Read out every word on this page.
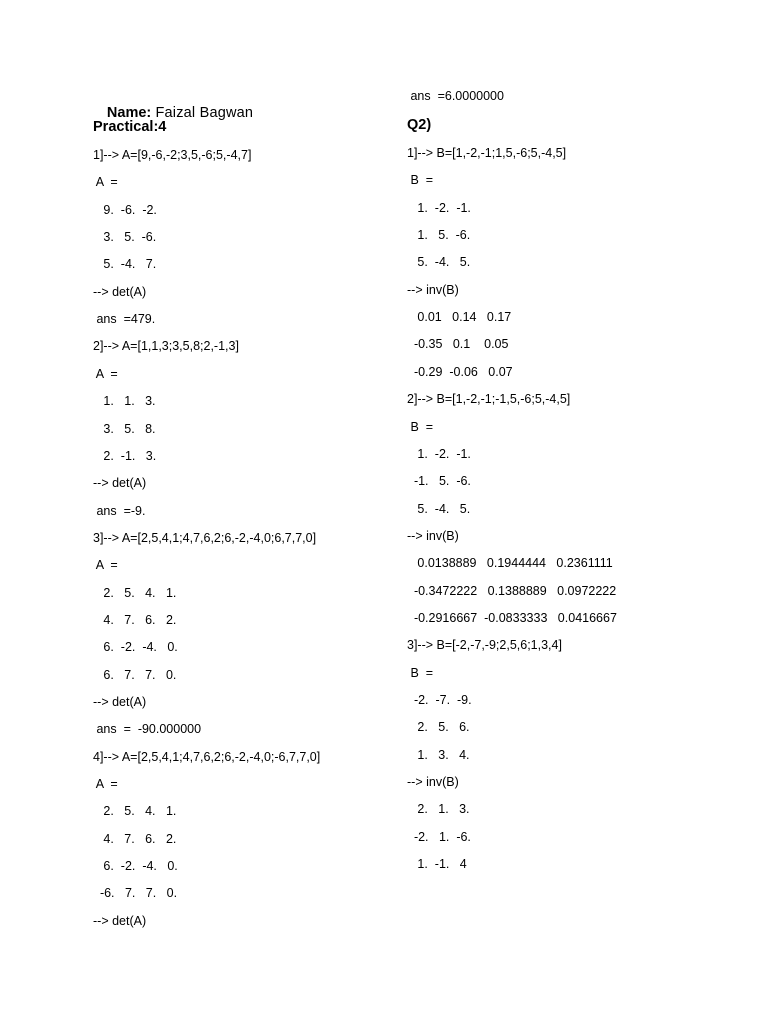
Name: Faizal Bagwan

Practical:4
1]--> A=[9,-6,-2;3,5,-6;5,-4,7]
A  =
9.  -6.  -2.
3.   5.  -6.
5.  -4.   7.
--> det(A)
ans  =479.
2]--> A=[1,1,3;3,5,8;2,-1,3]
A  =
1.   1.   3.
3.   5.   8.
2.  -1.   3.
--> det(A)
ans  =-9.
3]--> A=[2,5,4,1;4,7,6,2;6,-2,-4,0;6,7,7,0]
A  =
2.   5.   4.   1.
4.   7.   6.   2.
6.  -2.  -4.   0.
6.   7.   7.   0.
--> det(A)
ans  =  -90.000000
4]--> A=[2,5,4,1;4,7,6,2;6,-2,-4,0;-6,7,7,0]
A  =
2.   5.   4.   1.
4.   7.   6.   2.
6.  -2.  -4.   0.
-6.   7.   7.   0.
--> det(A)
ans  =6.0000000
Q2)
1]--> B=[1,-2,-1;1,5,-6;5,-4,5]
B  =
1.  -2.  -1.
1.   5.  -6.
5.  -4.   5.
--> inv(B)
0.01   0.14   0.17
-0.35   0.1    0.05
-0.29  -0.06   0.07
2]--> B=[1,-2,-1;-1,5,-6;5,-4,5]
B  =
1.  -2.  -1.
-1.   5.  -6.
5.  -4.   5.
--> inv(B)
0.0138889   0.1944444   0.2361111
-0.3472222   0.1388889   0.0972222
-0.2916667  -0.0833333   0.0416667
3]--> B=[-2,-7,-9;2,5,6;1,3,4]
B  =
-2.  -7.  -9.
2.   5.   6.
1.   3.   4.
--> inv(B)
2.   1.   3.
-2.   1.  -6.
1.  -1.   4
